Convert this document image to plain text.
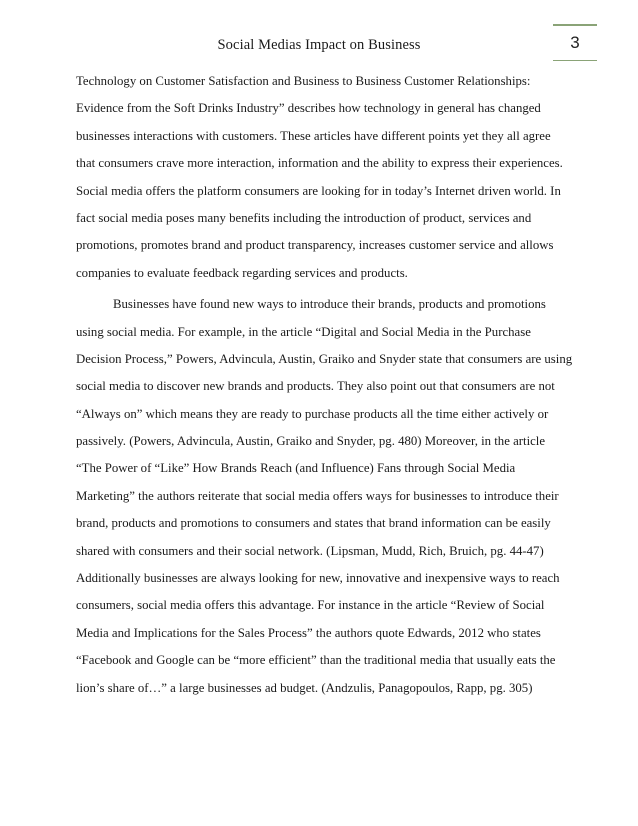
Social Medias Impact on Business	3
Technology on Customer Satisfaction and Business to Business Customer Relationships:
Evidence from the Soft Drinks Industry” describes how technology in general has changed
businesses interactions with customers. These articles have different points yet they all agree
that consumers crave more interaction, information and the ability to express their experiences.
Social media offers the platform consumers are looking for in today’s Internet driven world. In
fact social media poses many benefits including the introduction of product, services and
promotions, promotes brand and product transparency, increases customer service and allows
companies to evaluate feedback regarding services and products.
Businesses have found new ways to introduce their brands, products and promotions
using social media. For example, in the article “Digital and Social Media in the Purchase
Decision Process,” Powers, Advincula, Austin, Graiko and Snyder state that consumers are using
social media to discover new brands and products. They also point out that consumers are not
“Always on” which means they are ready to purchase products all the time either actively or
passively. (Powers, Advincula, Austin, Graiko and Snyder, pg. 480) Moreover, in the article
“The Power of “Like” How Brands Reach (and Influence) Fans through Social Media
Marketing” the authors reiterate that social media offers ways for businesses to introduce their
brand, products and promotions to consumers and states that brand information can be easily
shared with consumers and their social network. (Lipsman, Mudd, Rich, Bruich, pg. 44-47)
Additionally businesses are always looking for new, innovative and inexpensive ways to reach
consumers, social media offers this advantage. For instance in the article “Review of Social
Media and Implications for the Sales Process” the authors quote Edwards, 2012 who states
“Facebook and Google can be “more efficient” than the traditional media that usually eats the
lion’s share of…” a large businesses ad budget. (Andzulis, Panagopoulos, Rapp, pg. 305)
